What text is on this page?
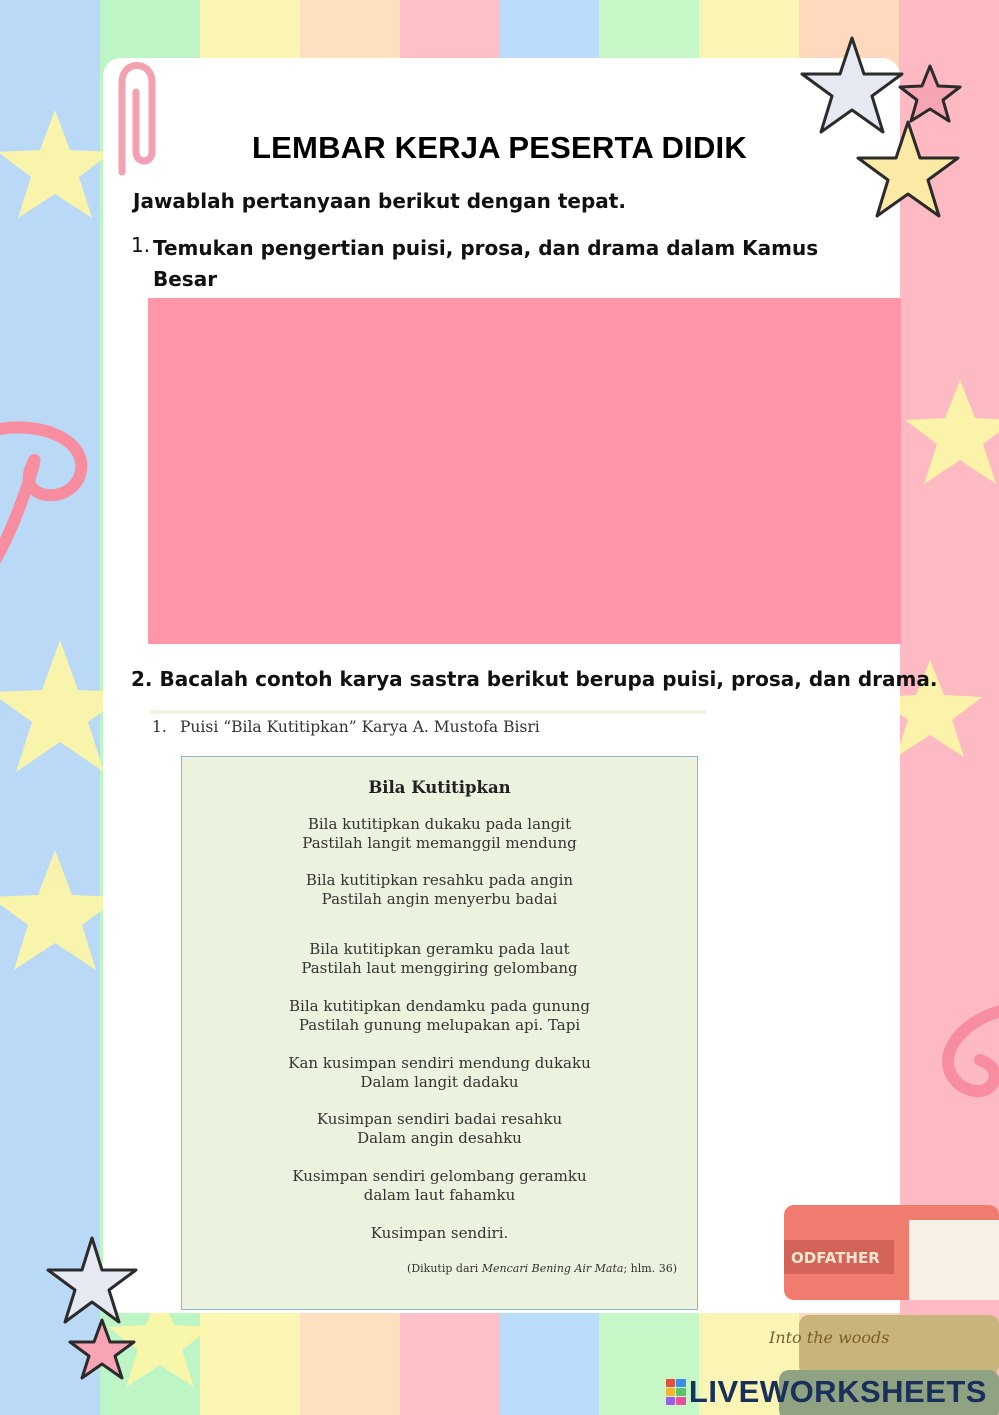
ODFATHER
Into the woods
LEMBAR KERJA PESERTA DIDIK
Jawablah pertanyaan berikut dengan tepat.
1. Temukan pengertian puisi, prosa, dan drama dalam Kamus Besar
2. Bacalah contoh karya sastra berikut berupa puisi, prosa, dan drama.
1. Puisi “Bila Kutitipkan” Karya A. Mustofa Bisri
Bila Kutitipkan
Bila kutitipkan dukaku pada langit
Pastilah langit memanggil mendung
Bila kutitipkan resahku pada angin
Pastilah angin menyerbu badai
Bila kutitipkan geramku pada laut
Pastilah laut menggiring gelombang
Bila kutitipkan dendamku pada gunung
Pastilah gunung melupakan api. Tapi
Kan kusimpan sendiri mendung dukaku
Dalam langit dadaku
Kusimpan sendiri badai resahku
Dalam angin desahku
Kusimpan sendiri gelombang geramku
dalam laut fahamku
Kusimpan sendiri.
(Dikutip dari Mencari Bening Air Mata; hlm. 36)
LIVEWORKSHEETS
